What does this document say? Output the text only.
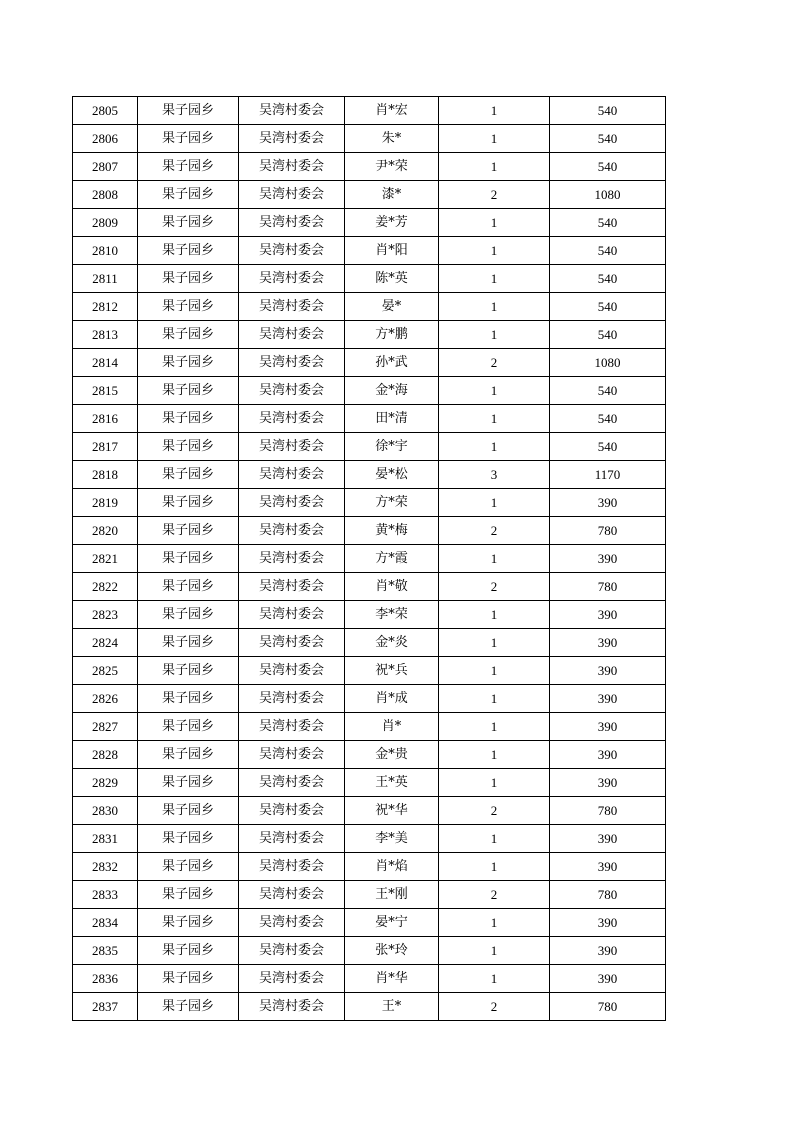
2805	果子园乡	吴湾村委会	肖*宏	1	540
2806	果子园乡	吴湾村委会	朱*	1	540
2807	果子园乡	吴湾村委会	尹*荣	1	540
2808	果子园乡	吴湾村委会	漆*	2	1080
2809	果子园乡	吴湾村委会	姜*芳	1	540
2810	果子园乡	吴湾村委会	肖*阳	1	540
2811	果子园乡	吴湾村委会	陈*英	1	540
2812	果子园乡	吴湾村委会	晏*	1	540
2813	果子园乡	吴湾村委会	方*鹏	1	540
2814	果子园乡	吴湾村委会	孙*武	2	1080
2815	果子园乡	吴湾村委会	金*海	1	540
2816	果子园乡	吴湾村委会	田*清	1	540
2817	果子园乡	吴湾村委会	徐*宇	1	540
2818	果子园乡	吴湾村委会	晏*松	3	1170
2819	果子园乡	吴湾村委会	方*荣	1	390
2820	果子园乡	吴湾村委会	黄*梅	2	780
2821	果子园乡	吴湾村委会	方*霞	1	390
2822	果子园乡	吴湾村委会	肖*敬	2	780
2823	果子园乡	吴湾村委会	李*荣	1	390
2824	果子园乡	吴湾村委会	金*炎	1	390
2825	果子园乡	吴湾村委会	祝*兵	1	390
2826	果子园乡	吴湾村委会	肖*成	1	390
2827	果子园乡	吴湾村委会	肖*	1	390
2828	果子园乡	吴湾村委会	金*贵	1	390
2829	果子园乡	吴湾村委会	王*英	1	390
2830	果子园乡	吴湾村委会	祝*华	2	780
2831	果子园乡	吴湾村委会	李*美	1	390
2832	果子园乡	吴湾村委会	肖*焰	1	390
2833	果子园乡	吴湾村委会	王*刚	2	780
2834	果子园乡	吴湾村委会	晏*宁	1	390
2835	果子园乡	吴湾村委会	张*玲	1	390
2836	果子园乡	吴湾村委会	肖*华	1	390
2837	果子园乡	吴湾村委会	王*	2	780
